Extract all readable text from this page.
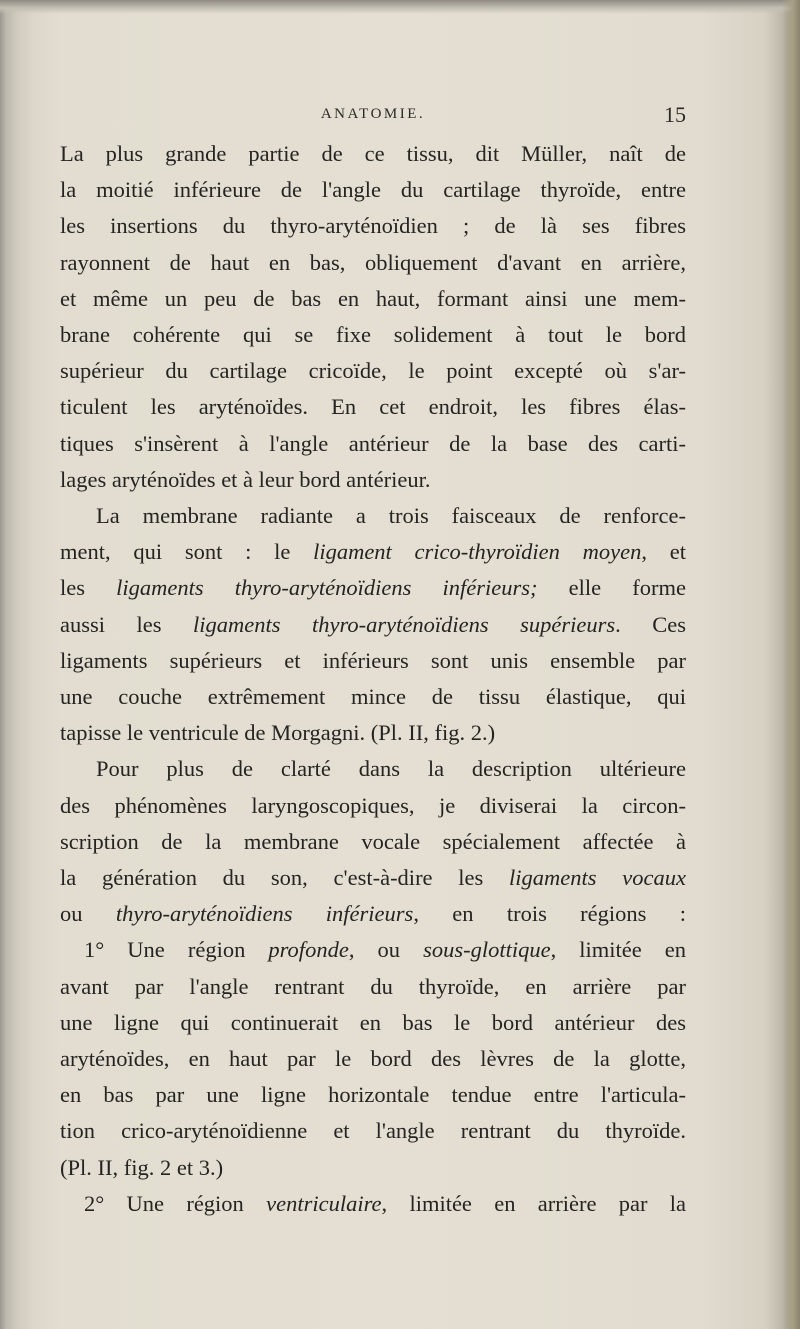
ANATOMIE.	15
La plus grande partie de ce tissu, dit Müller, naît de
la moitié inférieure de l'angle du cartilage thyroïde, entre
les insertions du thyro-aryténoïdien ; de là ses fibres
rayonnent de haut en bas, obliquement d'avant en arrière,
et même un peu de bas en haut, formant ainsi une mem-
brane cohérente qui se fixe solidement à tout le bord
supérieur du cartilage cricoïde, le point excepté où s'ar-
ticulent les aryténoïdes. En cet endroit, les fibres élas-
tiques s'insèrent à l'angle antérieur de la base des carti-
lages aryténoïdes et à leur bord antérieur.
La membrane radiante a trois faisceaux de renforce-
ment, qui sont : le ligament crico-thyroïdien moyen, et
les ligaments thyro-aryténoïdiens inférieurs; elle forme
aussi les ligaments thyro-aryténoïdiens supérieurs. Ces
ligaments supérieurs et inférieurs sont unis ensemble par
une couche extrêmement mince de tissu élastique, qui
tapisse le ventricule de Morgagni. (Pl. II, fig. 2.)
Pour plus de clarté dans la description ultérieure
des phénomènes laryngoscopiques, je diviserai la circon-
scription de la membrane vocale spécialement affectée à
la génération du son, c'est-à-dire les ligaments vocaux
ou thyro-aryténoïdiens inférieurs, en trois régions :
1° Une région profonde, ou sous-glottique, limitée en
avant par l'angle rentrant du thyroïde, en arrière par
une ligne qui continuerait en bas le bord antérieur des
aryténoïdes, en haut par le bord des lèvres de la glotte,
en bas par une ligne horizontale tendue entre l'articula-
tion crico-aryténoïdienne et l'angle rentrant du thyroïde.
(Pl. II, fig. 2 et 3.)
2° Une région ventriculaire, limitée en arrière par la
